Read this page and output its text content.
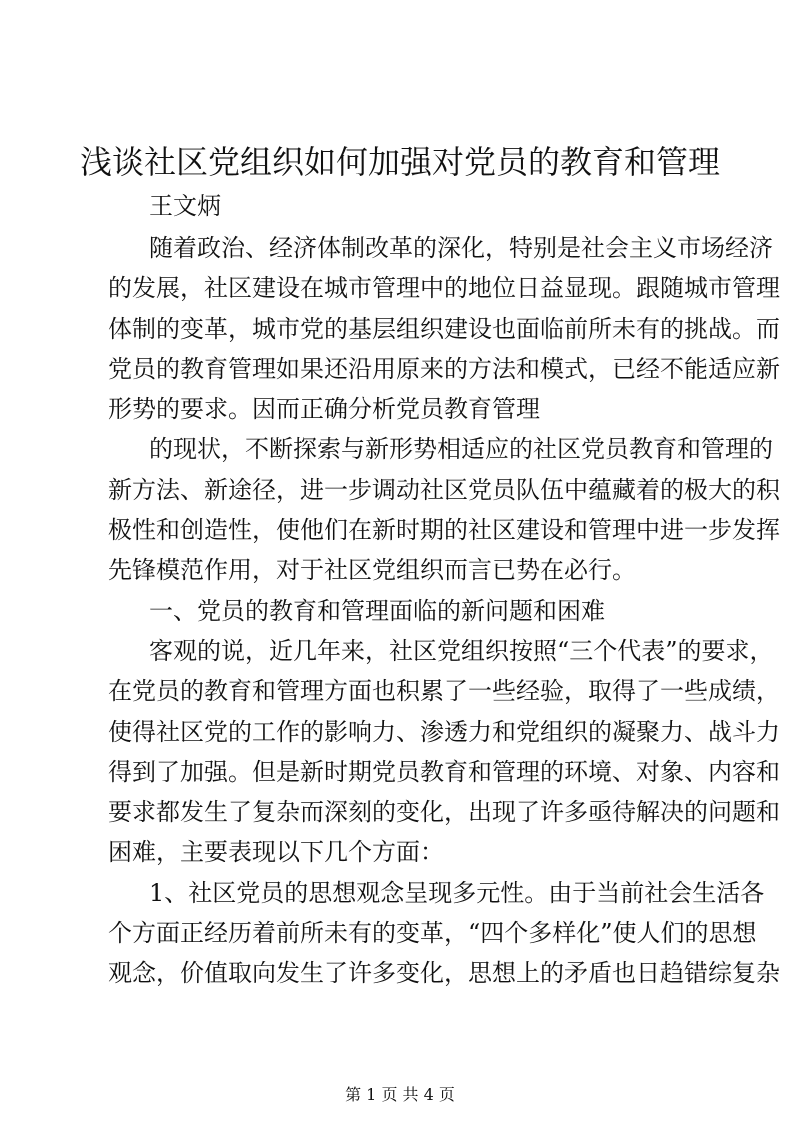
浅谈社区党组织如何加强对党员的教育和管理
王文炳
随着政治、经济体制改革的深化，特别是社会主义市场经济
的发展，社区建设在城市管理中的地位日益显现。跟随城市管理
体制的变革，城市党的基层组织建设也面临前所未有的挑战。而
党员的教育管理如果还沿用原来的方法和模式，已经不能适应新
形势的要求。因而正确分析党员教育管理
的现状，不断探索与新形势相适应的社区党员教育和管理的
新方法、新途径，进一步调动社区党员队伍中蕴藏着的极大的积
极性和创造性，使他们在新时期的社区建设和管理中进一步发挥
先锋模范作用，对于社区党组织而言已势在必行。
一、党员的教育和管理面临的新问题和困难
客观的说，近几年来，社区党组织按照“三个代表”的要求，
在党员的教育和管理方面也积累了一些经验，取得了一些成绩，
使得社区党的工作的影响力、渗透力和党组织的凝聚力、战斗力
得到了加强。但是新时期党员教育和管理的环境、对象、内容和
要求都发生了复杂而深刻的变化，出现了许多亟待解决的问题和
困难，主要表现以下几个方面：
1、社区党员的思想观念呈现多元性。由于当前社会生活各
个方面正经历着前所未有的变革，“四个多样化”使人们的思想
观念，价值取向发生了许多变化，思想上的矛盾也日趋错综复杂
第 1 页 共 4 页
